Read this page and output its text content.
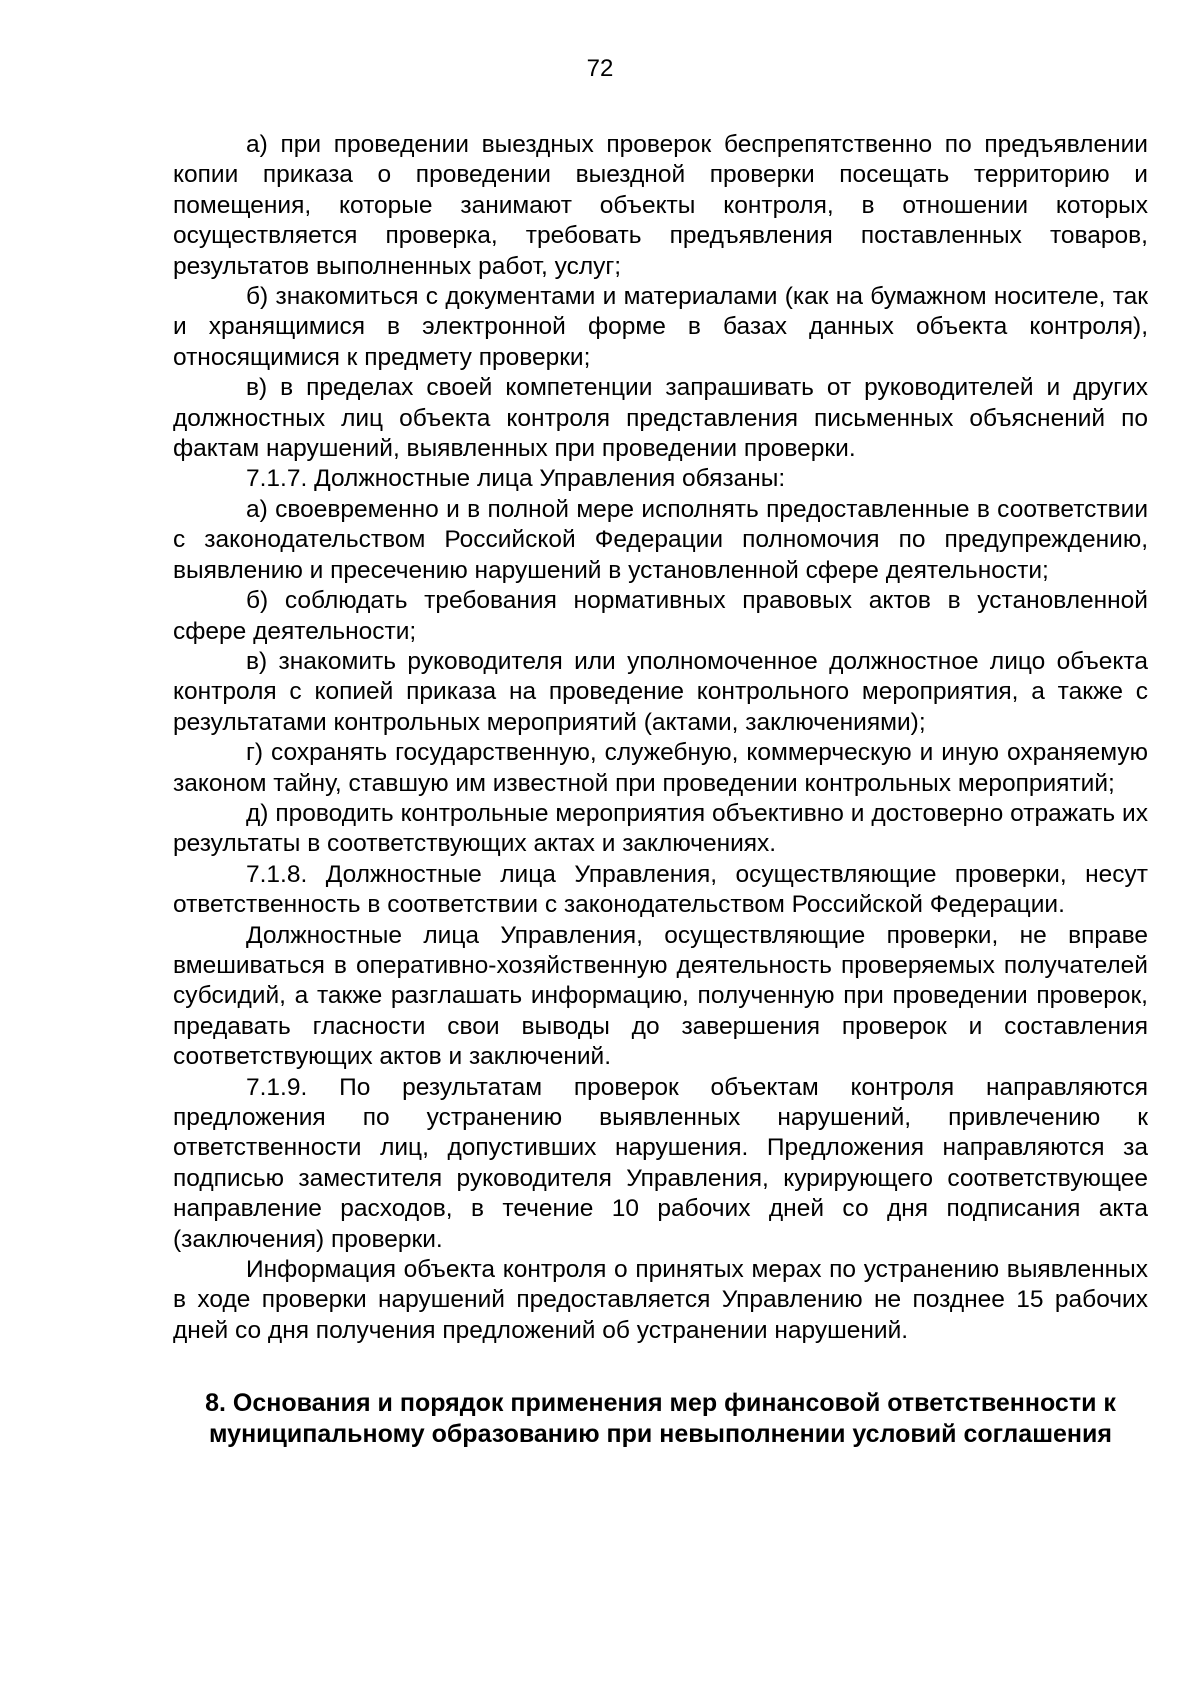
72

а) при проведении выездных проверок беспрепятственно по предъявлении копии приказа о проведении выездной проверки посещать территорию и помещения, которые занимают объекты контроля, в отношении которых осуществляется проверка, требовать предъявления поставленных товаров, результатов выполненных работ, услуг;

б) знакомиться с документами и материалами (как на бумажном носителе, так и хранящимися в электронной форме в базах данных объекта контроля), относящимися к предмету проверки;

в) в пределах своей компетенции запрашивать от руководителей и других должностных лиц объекта контроля представления письменных объяснений по фактам нарушений, выявленных при проведении проверки.

7.1.7. Должностные лица Управления обязаны:

а) своевременно и в полной мере исполнять предоставленные в соответствии с законодательством Российской Федерации полномочия по предупреждению, выявлению и пресечению нарушений в установленной сфере деятельности;

б) соблюдать требования нормативных правовых актов в установленной сфере деятельности;

в) знакомить руководителя или уполномоченное должностное лицо объекта контроля с копией приказа на проведение контрольного мероприятия, а также с результатами контрольных мероприятий (актами, заключениями);

г) сохранять государственную, служебную, коммерческую и иную охраняемую законом тайну, ставшую им известной при проведении контрольных мероприятий;

д) проводить контрольные мероприятия объективно и достоверно отражать их результаты в соответствующих актах и заключениях.

7.1.8. Должностные лица Управления, осуществляющие проверки, несут ответственность в соответствии с законодательством Российской Федерации.

Должностные лица Управления, осуществляющие проверки, не вправе вмешиваться в оперативно-хозяйственную деятельность проверяемых получателей субсидий, а также разглашать информацию, полученную при проведении проверок, предавать гласности свои выводы до завершения проверок и составления соответствующих актов и заключений.

7.1.9. По результатам проверок объектам контроля направляются предложения по устранению выявленных нарушений, привлечению к ответственности лиц, допустивших нарушения. Предложения направляются за подписью заместителя руководителя Управления, курирующего соответствующее направление расходов, в течение 10 рабочих дней со дня подписания акта (заключения) проверки.

Информация объекта контроля о принятых мерах по устранению выявленных в ходе проверки нарушений предоставляется Управлению не позднее 15 рабочих дней со дня получения предложений об устранении нарушений.

8. Основания и порядок применения мер финансовой ответственности к
муниципальному образованию при невыполнении условий соглашения
